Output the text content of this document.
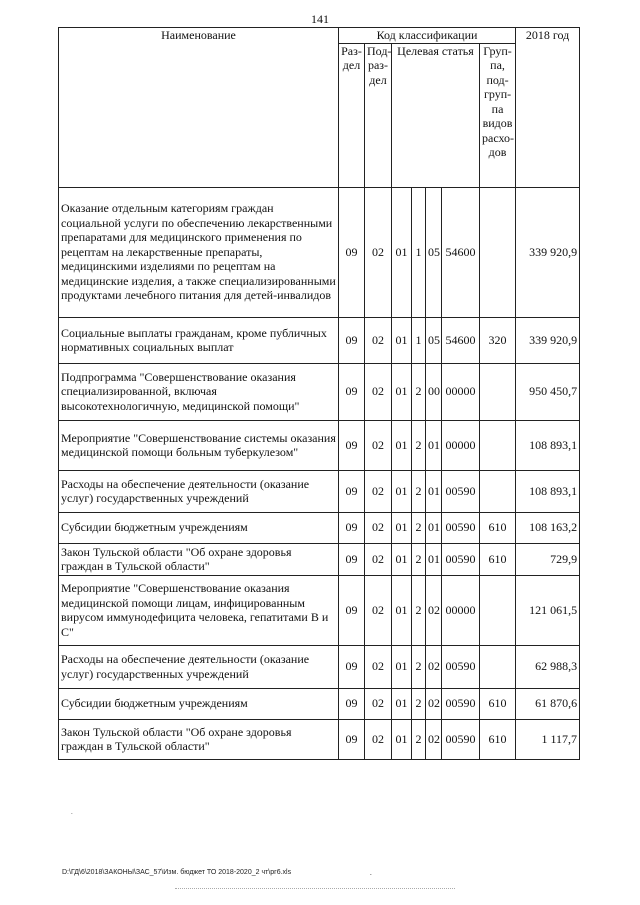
141
Наименование	Код классификации							2018 год
	Раз-дел	Под-раз-дел	Целевая статья				Груп-па, под-груп-па видов расхо-дов	
Оказание отдельным категориям граждан социальной услуги по обеспечению лекарственными препаратами для медицинского применения по рецептам на лекарственные препараты, медицинскими изделиями по рецептам на медицинские изделия, а также специализированными продуктами лечебного питания для детей-инвалидов	09	02	01	1	05	54600		339 920,9
Социальные выплаты гражданам, кроме публичных нормативных социальных выплат	09	02	01	1	05	54600	320	339 920,9
Подпрограмма "Совершенствование оказания специализированной, включая высокотехнологичную, медицинской помощи"	09	02	01	2	00	00000		950 450,7
Мероприятие "Совершенствование системы оказания медицинской помощи больным туберкулезом"	09	02	01	2	01	00000		108 893,1
Расходы на обеспечение деятельности (оказание услуг) государственных учреждений	09	02	01	2	01	00590		108 893,1
Субсидии бюджетным учреждениям	09	02	01	2	01	00590	610	108 163,2
Закон Тульской области "Об охране здоровья граждан в Тульской области"	09	02	01	2	01	00590	610	729,9
Мероприятие "Совершенствование оказания медицинской помощи лицам, инфицированным вирусом иммунодефицита человека, гепатитами В и С"	09	02	01	2	02	00000		121 061,5
Расходы на обеспечение деятельности (оказание услуг) государственных учреждений	09	02	01	2	02	00590		62 988,3
Субсидии бюджетным учреждениям	09	02	01	2	02	00590	610	61 870,6
Закон Тульской области "Об охране здоровья граждан в Тульской области"	09	02	01	2	02	00590	610	1 117,7
.
D:\ГД\6\2018\ЗАКОНЫ\ЗАС_57\Изм. бюджет ТО 2018-2020_2 чт\рг6.xls	.
